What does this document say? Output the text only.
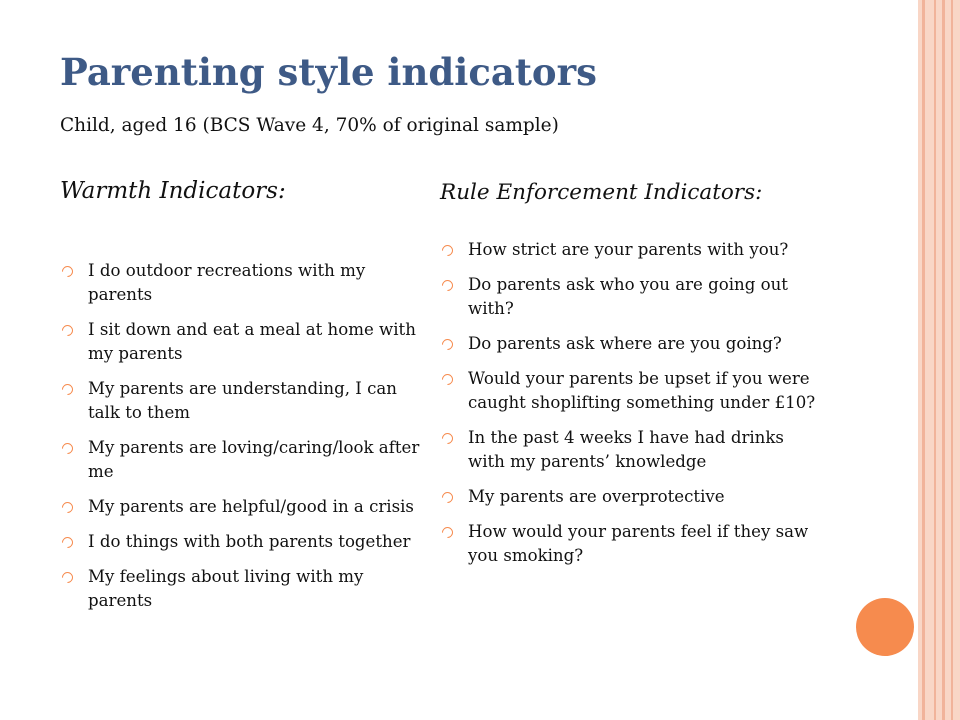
Parenting style indicators

Child, aged 16 (BCS Wave 4, 70% of original sample)

Warmth Indicators:
I do outdoor recreations with my parents
I sit down and eat a meal at home with my parents
My parents are understanding, I can talk to them
My parents are loving/caring/look after me
My parents are helpful/good in a crisis
I do things with both parents together
My feelings about living with my parents
Rule Enforcement Indicators:
How strict are your parents with you?
Do parents ask who you are going out with?
Do parents ask where are you going?
Would your parents be upset if you were caught shoplifting something under £10?
In the past 4 weeks I have had drinks with my parents’ knowledge
My parents are overprotective
How would your parents feel if they saw you smoking?
